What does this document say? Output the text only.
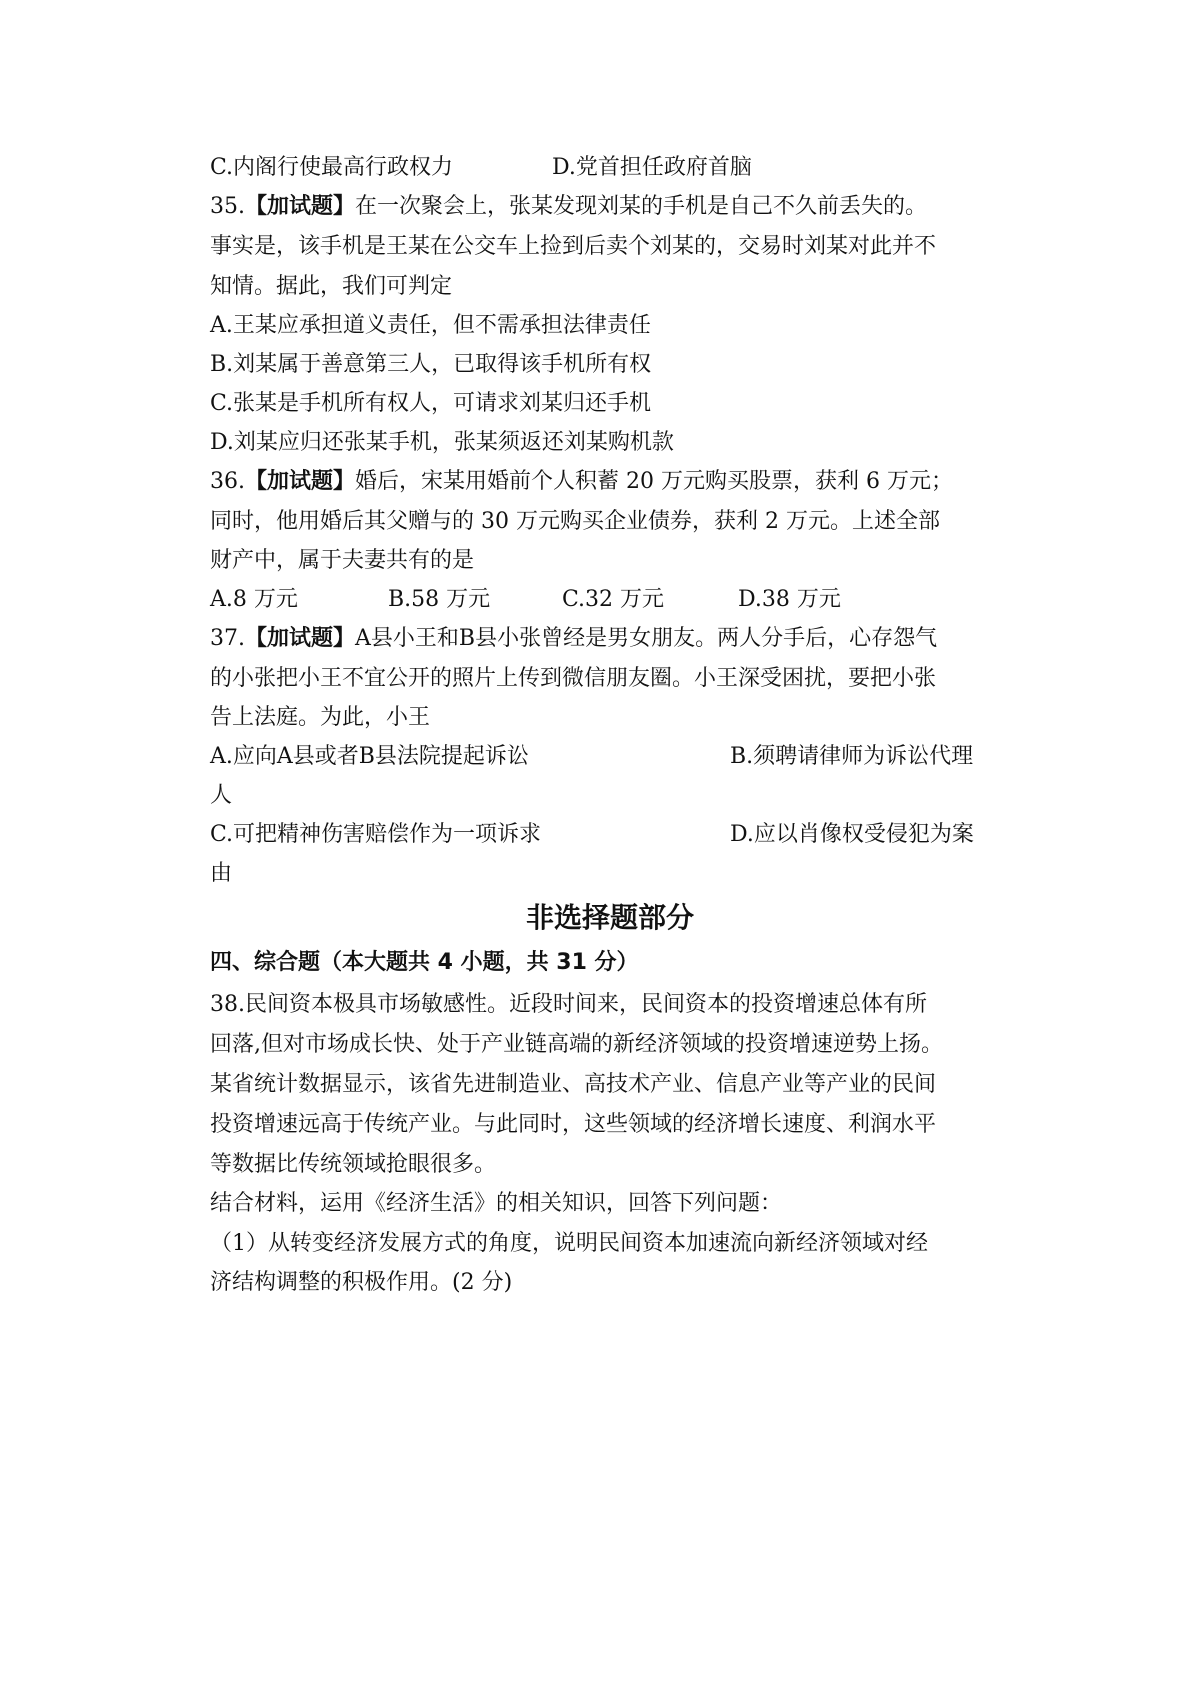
C.内阁行使最高行政权力	D.党首担任政府首脑
35.【加试题】在一次聚会上，张某发现刘某的手机是自己不久前丢失的。
事实是，该手机是王某在公交车上捡到后卖个刘某的，交易时刘某对此并不
知情。据此，我们可判定
A.王某应承担道义责任，但不需承担法律责任
B.刘某属于善意第三人，已取得该手机所有权
C.张某是手机所有权人，可请求刘某归还手机
D.刘某应归还张某手机，张某须返还刘某购机款
36.【加试题】婚后，宋某用婚前个人积蓄 20 万元购买股票，获利 6 万元；
同时，他用婚后其父赠与的 30 万元购买企业债券，获利 2 万元。上述全部
财产中，属于夫妻共有的是
A.8 万元	B.58 万元	C.32 万元	D.38 万元
37.【加试题】A县小王和B县小张曾经是男女朋友。两人分手后，心存怨气
的小张把小王不宜公开的照片上传到微信朋友圈。小王深受困扰，要把小张
告上法庭。为此，小王
A.应向A县或者B县法院提起诉讼	B.须聘请律师为诉讼代理
人
C.可把精神伤害赔偿作为一项诉求	D.应以肖像权受侵犯为案
由
非选择题部分
四、综合题（本大题共 4 小题，共 31 分）
38.民间资本极具市场敏感性。近段时间来，民间资本的投资增速总体有所
回落,但对市场成长快、处于产业链高端的新经济领域的投资增速逆势上扬。
某省统计数据显示，该省先进制造业、高技术产业、信息产业等产业的民间
投资增速远高于传统产业。与此同时，这些领域的经济增长速度、利润水平
等数据比传统领域抢眼很多。
结合材料，运用《经济生活》的相关知识，回答下列问题：
（1）从转变经济发展方式的角度，说明民间资本加速流向新经济领域对经
济结构调整的积极作用。(2 分)
